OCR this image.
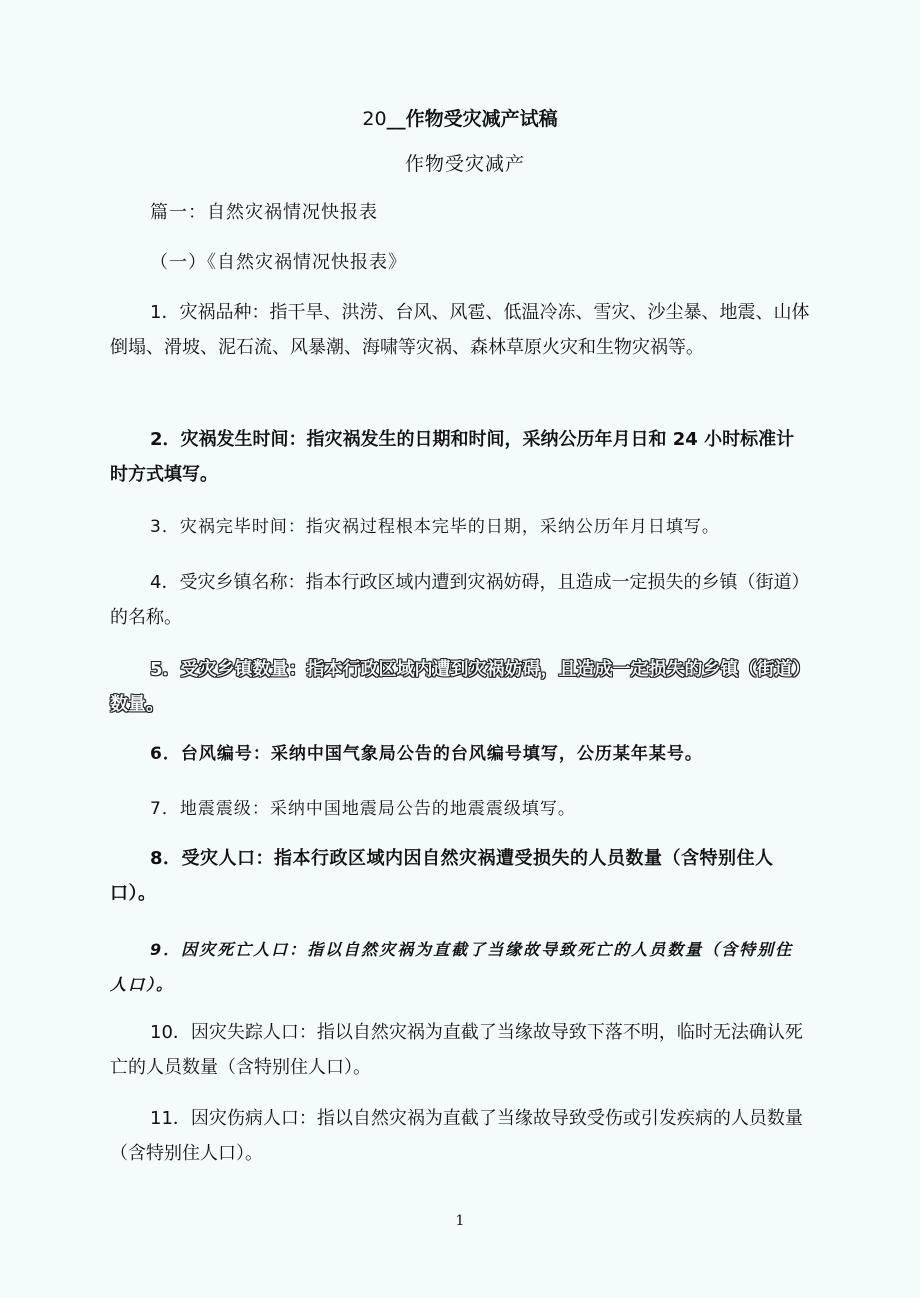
20__作物受灾减产试稿
作物受灾减产
篇一：自然灾祸情况快报表
（一）《自然灾祸情况快报表》
1．灾祸品种：指干旱、洪涝、台风、风雹、低温冷冻、雪灾、沙尘暴、地震、山体倒塌、滑坡、泥石流、风暴潮、海啸等灾祸、森林草原火灾和生物灾祸等。
2．灾祸发生时间：指灾祸发生的日期和时间，采纳公历年月日和 24 小时标准计时方式填写。
3．灾祸完毕时间：指灾祸过程根本完毕的日期，采纳公历年月日填写。
4．受灾乡镇名称：指本行政区域内遭到灾祸妨碍，且造成一定损失的乡镇（街道）的名称。
5．受灾乡镇数量：指本行政区域内遭到灾祸妨碍，且造成一定损失的乡镇（街道）数量。
6．台风编号：采纳中国气象局公告的台风编号填写，公历某年某号。
7．地震震级：采纳中国地震局公告的地震震级填写。
8．受灾人口：指本行政区域内因自然灾祸遭受损失的人员数量（含特别住人口）。
9．因灾死亡人口：指以自然灾祸为直截了当缘故导致死亡的人员数量（含特别住人口）。
10．因灾失踪人口：指以自然灾祸为直截了当缘故导致下落不明，临时无法确认死亡的人员数量（含特别住人口）。
11．因灾伤病人口：指以自然灾祸为直截了当缘故导致受伤或引发疾病的人员数量（含特别住人口）。
1
